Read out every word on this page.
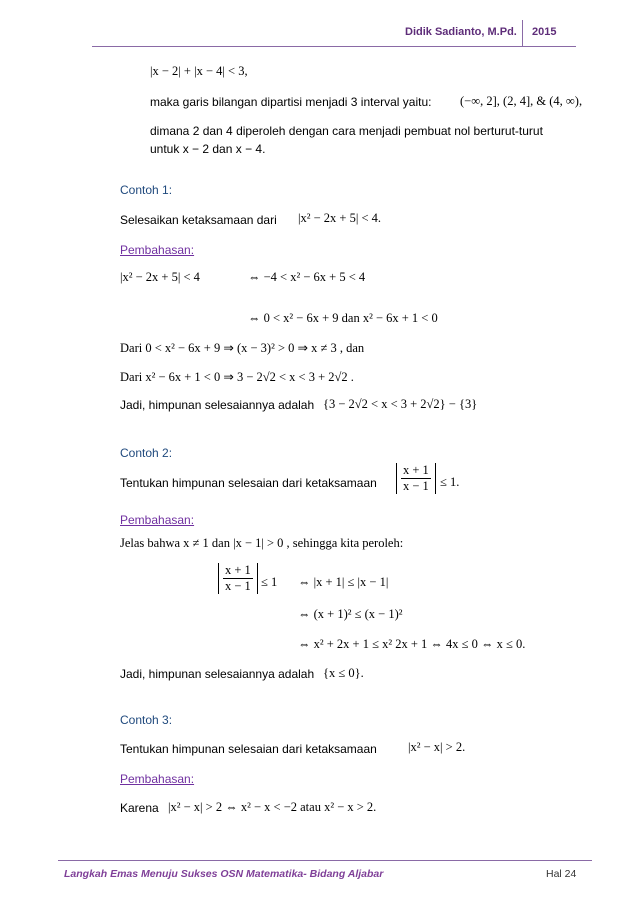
Didik Sadianto, M.Pd. 2015
|x − 2| + |x − 4| < 3,
maka garis bilangan dipartisi menjadi 3 interval yaitu: (−∞, 2], (2, 4], & (4, ∞),
dimana 2 dan 4 diperoleh dengan cara menjadi pembuat nol berturut-turut
untuk x − 2 dan x − 4.
Contoh 1:
Selesaikan ketaksamaan dari |x² − 2x + 5| < 4.
Pembahasan:
|x² − 2x + 5| < 4	⇔ −4 < x² − 6x + 5 < 4
⇔ 0 < x² − 6x + 9 dan x² − 6x + 1 < 0
Dari 0 < x² − 6x + 9 ⇒ (x − 3)² > 0 ⇒ x ≠ 3 , dan
Dari x² − 6x + 1 < 0 ⇒ 3 − 2√2 < x < 3 + 2√2 .
Jadi, himpunan selesaiannya adalah {3 − 2√2 < x < 3 + 2√2} − {3}
Contoh 2:
Tentukan himpunan selesaian dari ketaksamaan $\frac{x + 1}{x - 1} \le 1$.
Pembahasan:
Jelas bahwa x ≠ 1 dan |x − 1| > 0 , sehingga kita peroleh:
$\frac{x + 1}{x - 1} \le 1$ ⇔ |x + 1| ≤ |x − 1|
⇔ (x + 1)² ≤ (x − 1)²
⇔ x² + 2x + 1 ≤ x² 2x + 1 ⇔ 4x ≤ 0 ⇔ x ≤ 0.
Jadi, himpunan selesaiannya adalah {x ≤ 0}.
Contoh 3:
Tentukan himpunan selesaian dari ketaksamaan |x² − x| > 2.
Pembahasan:
Karena |x² − x| > 2 ⇔ x² − x < −2 atau x² − x > 2.
Langkah Emas Menuju Sukses OSN Matematika- Bidang Aljabar	Hal 24
